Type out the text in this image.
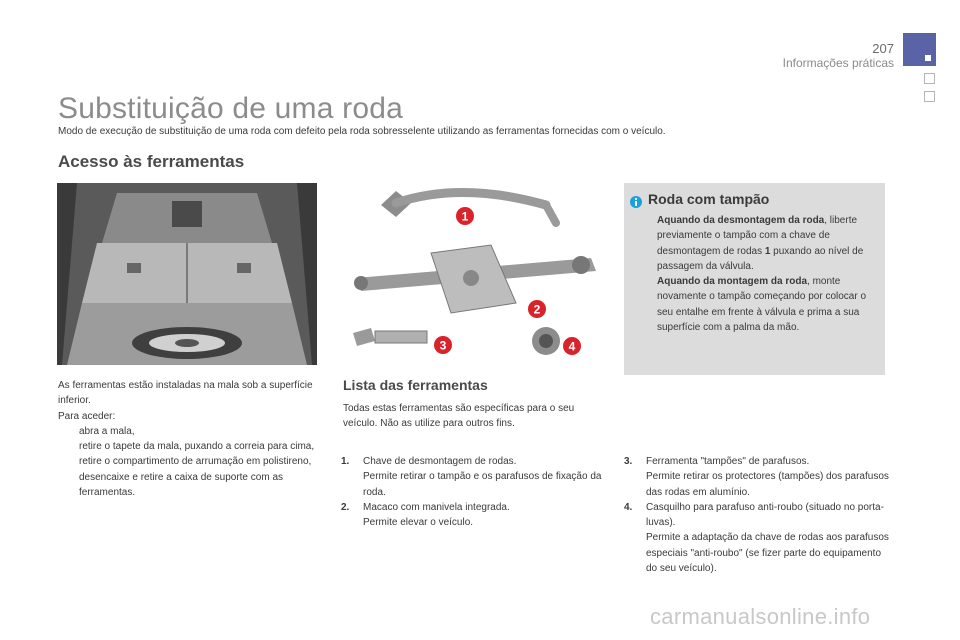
207
Informações práticas
Substituição de uma roda
Modo de execução de substituição de uma roda com defeito pela roda sobresselente utilizando as ferramentas fornecidas com o veículo.
Acesso às ferramentas
1
2
3	4
Roda com tampão
Aquando da desmontagem da roda, liberte previamente o tampão com a chave de desmontagem de rodas 1 puxando ao nível de passagem da válvula.
Aquando da montagem da roda, monte novamente o tampão começando por colocar o seu entalhe em frente à válvula e prima a sua superfície com a palma da mão.
As ferramentas estão instaladas na mala sob a superfície inferior.
Para aceder:
abra a mala,
retire o tapete da mala, puxando a correia para cima,
retire o compartimento de arrumação em polistireno,
desencaixe e retire a caixa de suporte com as ferramentas.
Lista das ferramentas
Todas estas ferramentas são específicas para o seu veículo. Não as utilize para outros fins.
1. Chave de desmontagem de rodas.
Permite retirar o tampão e os parafusos de fixação da roda.
2. Macaco com manivela integrada.
Permite elevar o veículo.
3. Ferramenta "tampões" de parafusos.
Permite retirar os protectores (tampões) dos parafusos das rodas em alumínio.
4. Casquilho para parafuso anti-roubo (situado no porta-luvas).
Permite a adaptação da chave de rodas aos parafusos especiais "anti-roubo" (se fizer parte do equipamento do seu veículo).
carmanualsonline.info
